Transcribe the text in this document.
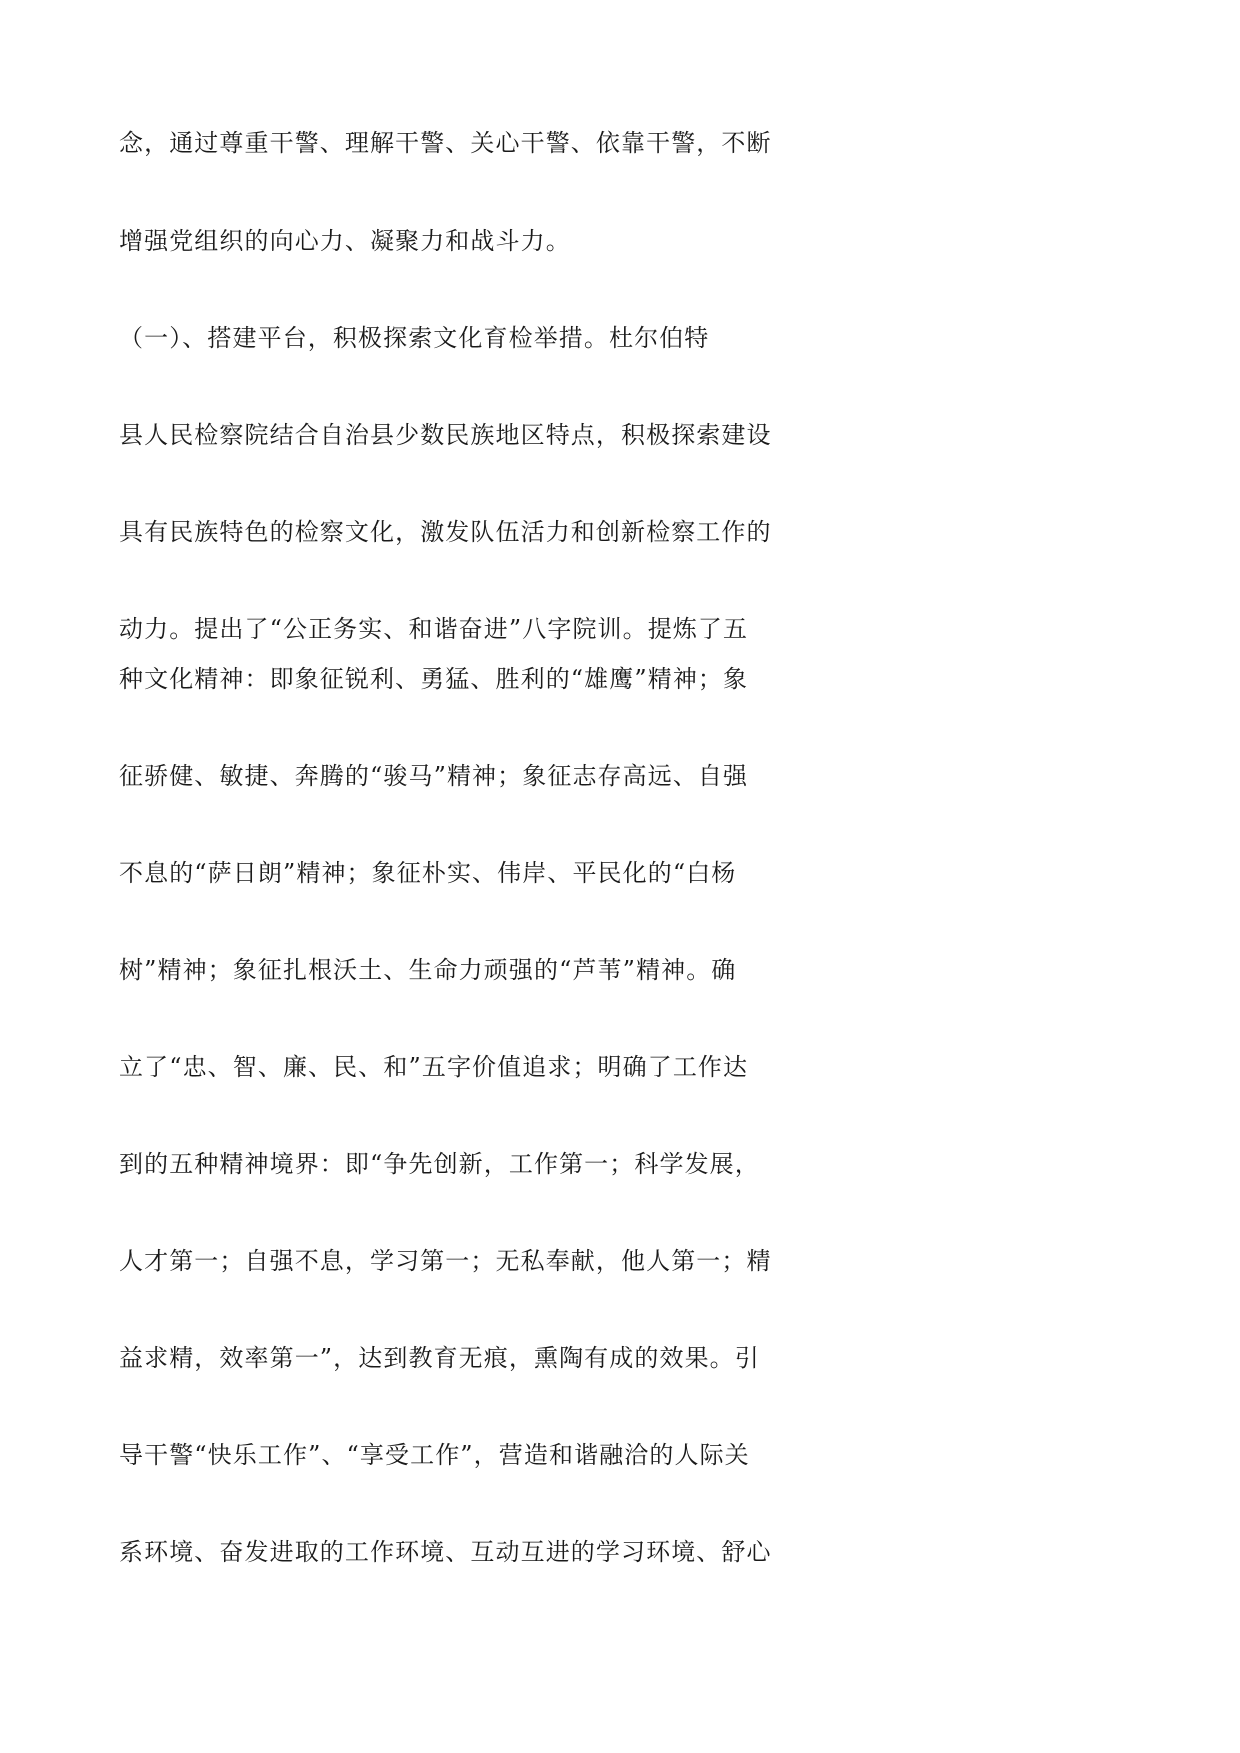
念，通过尊重干警、理解干警、关心干警、依靠干警，不断
增强党组织的向心力、凝聚力和战斗力。
（一）、搭建平台，积极探索文化育检举措。杜尔伯特
县人民检察院结合自治县少数民族地区特点，积极探索建设
具有民族特色的检察文化，激发队伍活力和创新检察工作的
动力。提出了“公正务实、和谐奋进”八字院训。提炼了五
种文化精神：即象征锐利、勇猛、胜利的“雄鹰”精神；象
征骄健、敏捷、奔腾的“骏马”精神；象征志存高远、自强
不息的“萨日朗”精神；象征朴实、伟岸、平民化的“白杨
树”精神；象征扎根沃土、生命力顽强的“芦苇”精神。确
立了“忠、智、廉、民、和”五字价值追求；明确了工作达
到的五种精神境界：即“争先创新，工作第一；科学发展，
人才第一；自强不息，学习第一；无私奉献，他人第一；精
益求精，效率第一”，达到教育无痕，熏陶有成的效果。引
导干警“快乐工作”、“享受工作”，营造和谐融洽的人际关
系环境、奋发进取的工作环境、互动互进的学习环境、舒心
